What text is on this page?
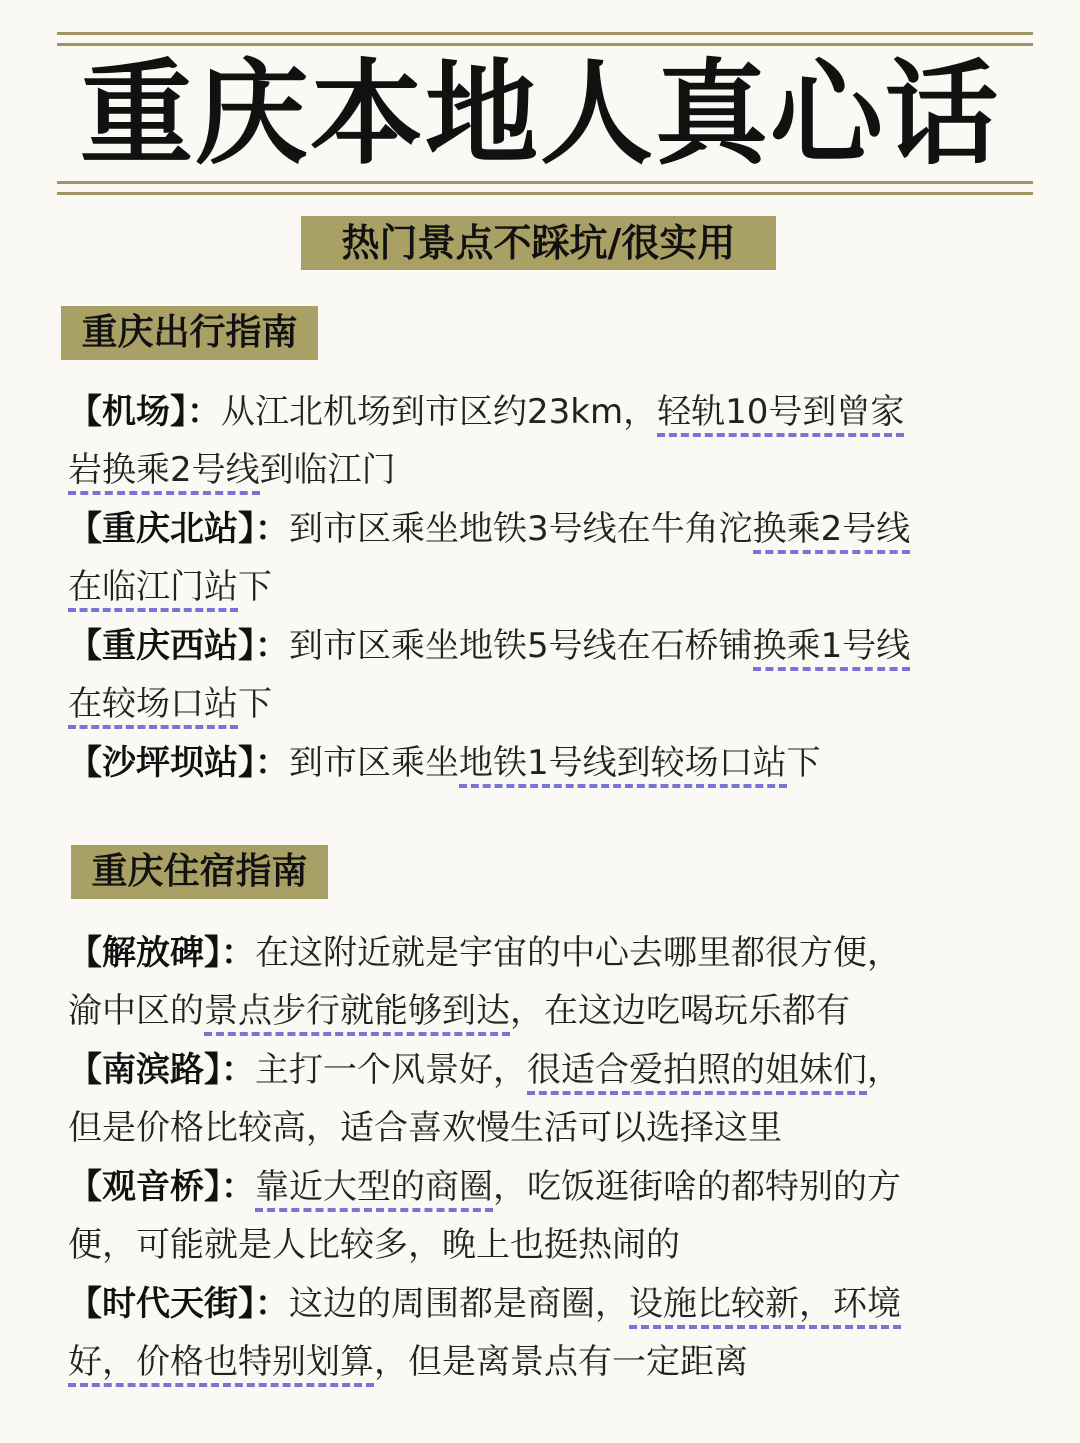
重庆本地人真心话
热门景点不踩坑/很实用
重庆出行指南
【机场】：从江北机场到市区约23km，轻轨10号到曾家
岩换乘2号线到临江门
【重庆北站】：到市区乘坐地铁3号线在牛角沱换乘2号线
在临江门站下
【重庆西站】：到市区乘坐地铁5号线在石桥铺换乘1号线
在较场口站下
【沙坪坝站】：到市区乘坐地铁1号线到较场口站下
重庆住宿指南
【解放碑】：在这附近就是宇宙的中心去哪里都很方便，
渝中区的景点步行就能够到达，在这边吃喝玩乐都有
【南滨路】：主打一个风景好，很适合爱拍照的姐妹们，
但是价格比较高，适合喜欢慢生活可以选择这里
【观音桥】：靠近大型的商圈，吃饭逛街啥的都特别的方
便，可能就是人比较多，晚上也挺热闹的
【时代天街】：这边的周围都是商圈，设施比较新，环境
好，价格也特别划算，但是离景点有一定距离
